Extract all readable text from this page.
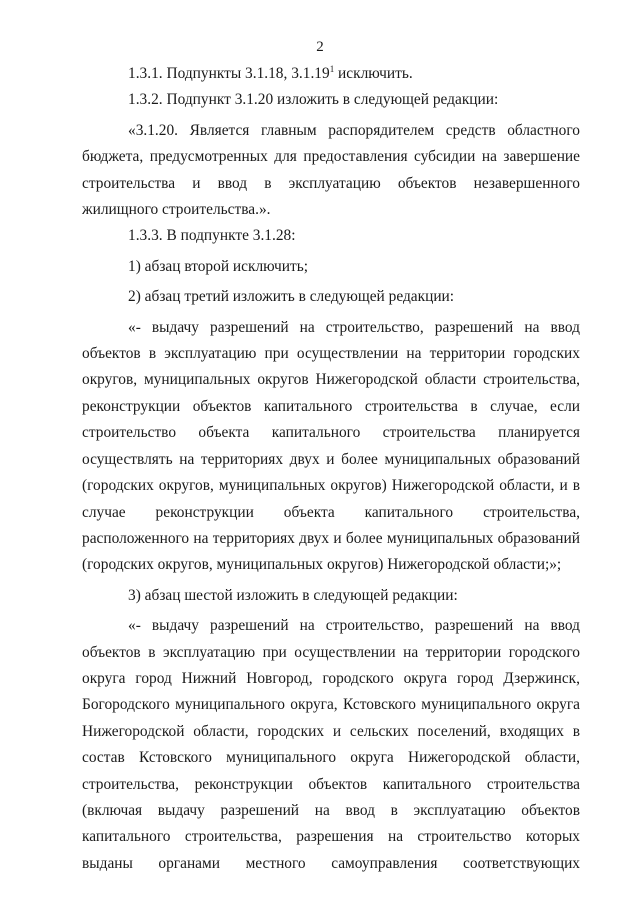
2

1.3.1. Подпункты 3.1.18, 3.1.19$^1$ исключить.

1.3.2. Подпункт 3.1.20 изложить в следующей редакции:

«3.1.20. Является главным распорядителем средств областного бюджета, предусмотренных для предоставления субсидии на завершение строительства и ввод в эксплуатацию объектов незавершенного жилищного строительства.».

1.3.3. В подпункте 3.1.28:

1) абзац второй исключить;

2) абзац третий изложить в следующей редакции:

«- выдачу разрешений на строительство, разрешений на ввод объектов в эксплуатацию при осуществлении на территории городских округов, муниципальных округов Нижегородской области строительства, реконструкции объектов капитального строительства в случае, если строительство объекта капитального строительства планируется осуществлять на территориях двух и более муниципальных образований (городских округов, муниципальных округов) Нижегородской области, и в случае реконструкции объекта капитального строительства, расположенного на территориях двух и более муниципальных образований (городских округов, муниципальных округов) Нижегородской области;»;

3) абзац шестой изложить в следующей редакции:

«- выдачу разрешений на строительство, разрешений на ввод объектов в эксплуатацию при осуществлении на территории городского округа город Нижний Новгород, городского округа город Дзержинск, Богородского муниципального округа, Кстовского муниципального округа Нижегородской области, городских и сельских поселений, входящих в состав Кстовского муниципального округа Нижегородской области, строительства, реконструкции объектов капитального строительства (включая выдачу разрешений на ввод в эксплуатацию объектов капитального строительства, разрешения на строительство которых выданы органами местного самоуправления соответствующих
